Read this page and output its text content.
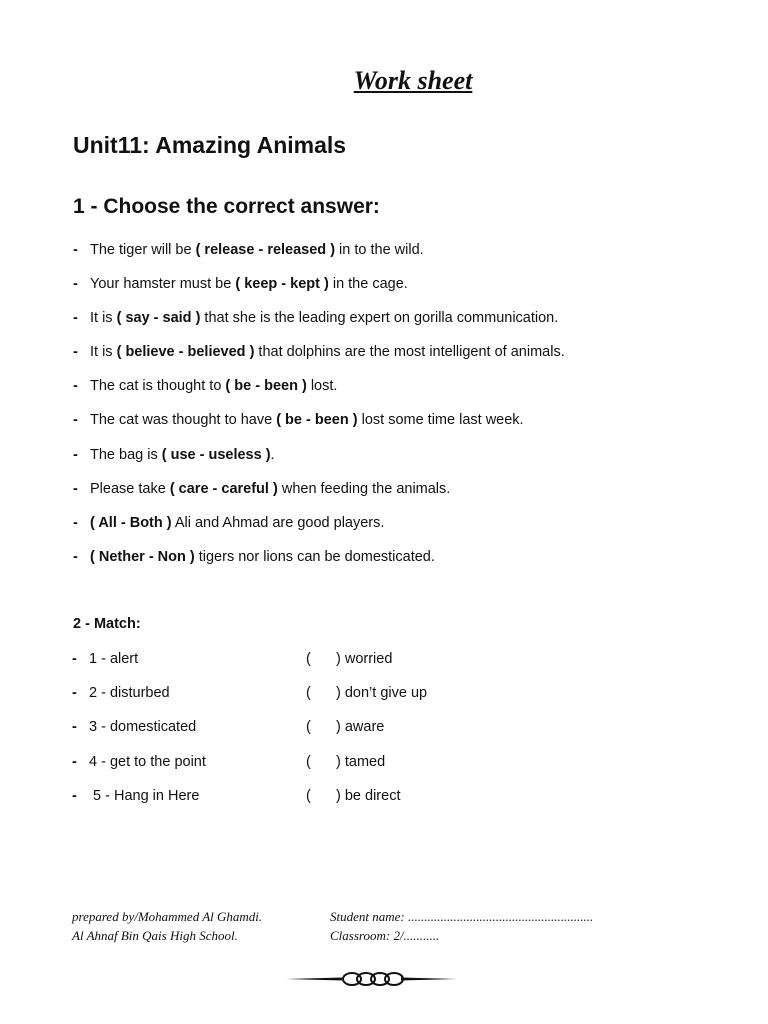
Work sheet
Unit11: Amazing Animals
1 - Choose the correct answer:
- The tiger will be ( release - released ) in to the wild.
- Your hamster must be ( keep - kept ) in the cage.
- It is ( say - said ) that she is the leading expert on gorilla communication.
- It is ( believe - believed ) that dolphins are the most intelligent of animals.
- The cat is thought to ( be - been ) lost.
- The cat was thought to have ( be - been ) lost some time last week.
- The bag is ( use - useless ).
- Please take ( care - careful ) when feeding the animals.
- ( All - Both ) Ali and Ahmad are good players.
- ( Nether - Non ) tigers nor lions can be domesticated.
2 - Match:
- 1 - alert	( ) worried
- 2 - disturbed	( ) don’t give up
- 3 - domesticated	( ) aware
- 4 - get to the point	( ) tamed
- 5 - Hang in Here	( ) be direct
prepared by/Mohammed Al Ghamdi.
Al Ahnaf Bin Qais High School.
Student name: .........................................................
Classroom: 2/...........
